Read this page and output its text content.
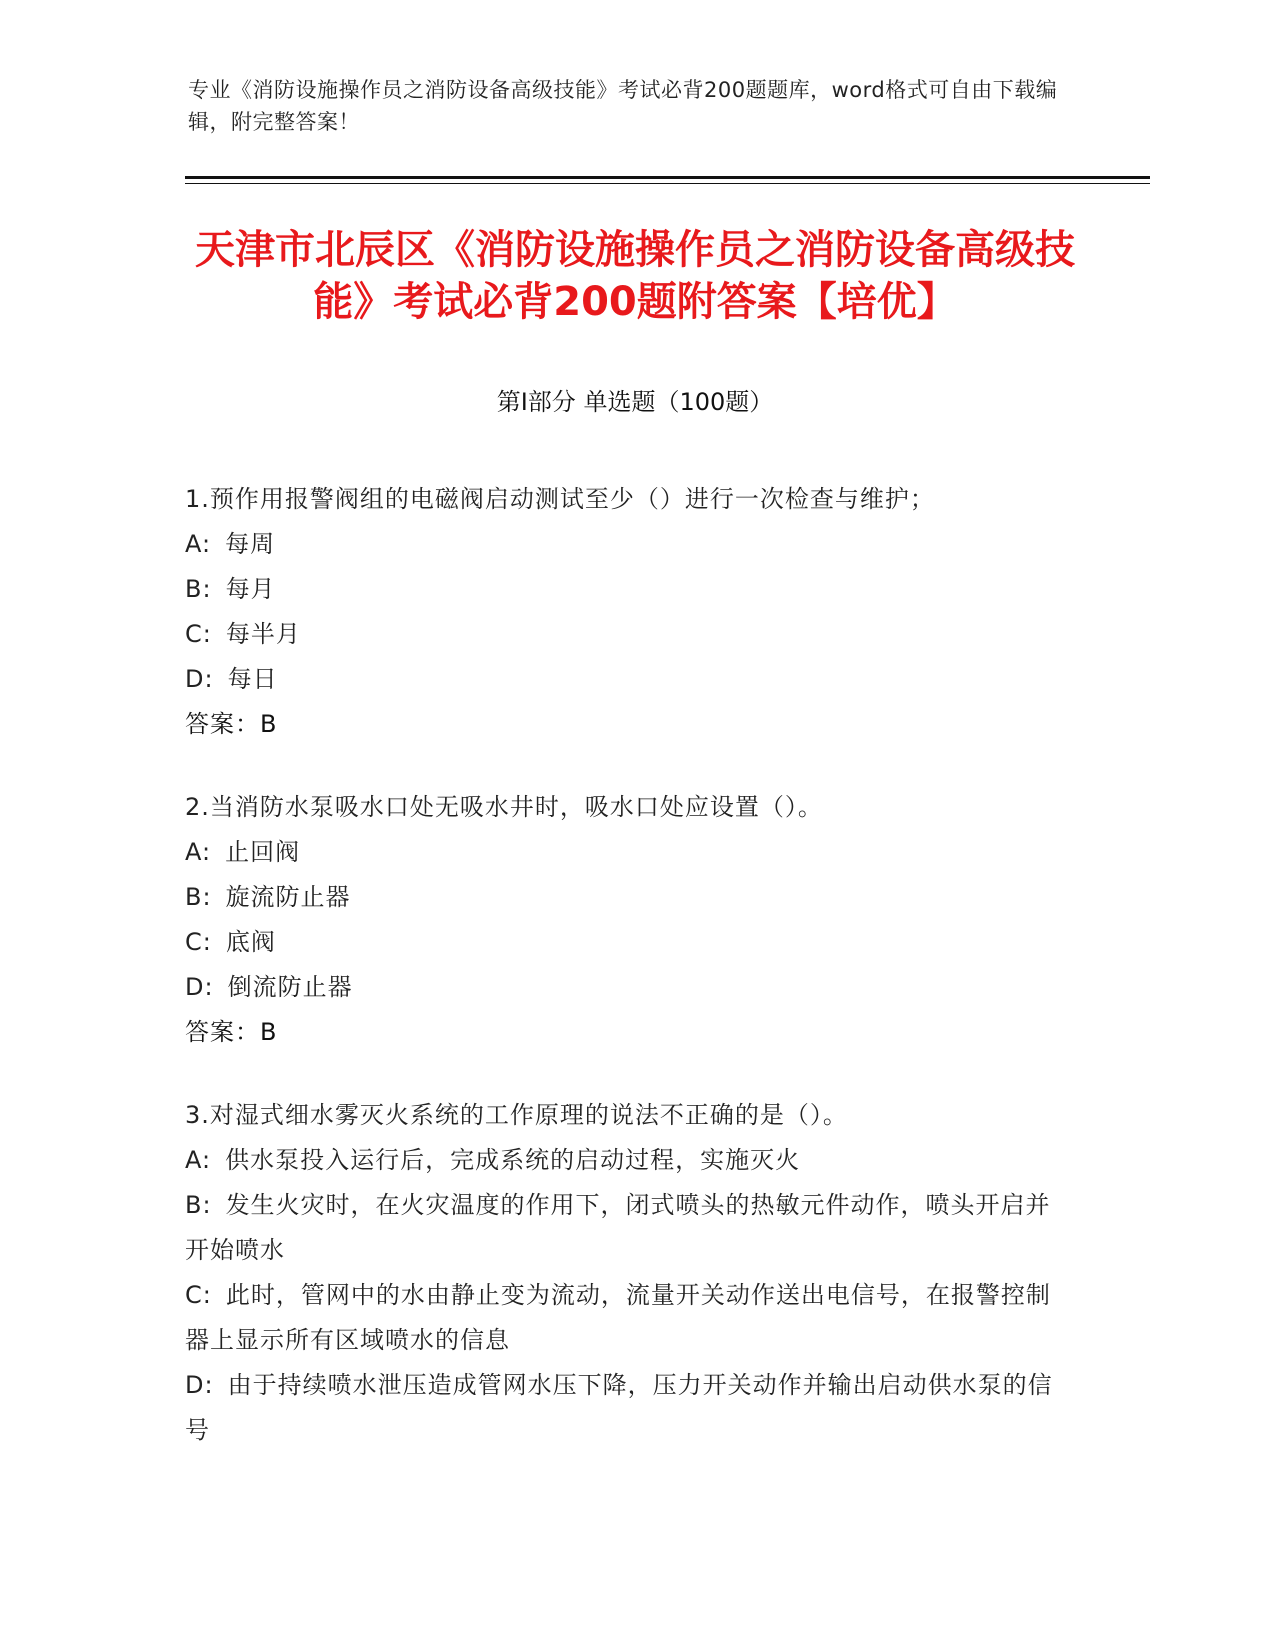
专业《消防设施操作员之消防设备高级技能》考试必背200题题库，word格式可自由下载编辑，附完整答案！
天津市北辰区《消防设施操作员之消防设备高级技能》考试必背200题附答案【培优】
第I部分 单选题（100题）
1.预作用报警阀组的电磁阀启动测试至少（）进行一次检查与维护；
A: 每周
B: 每月
C: 每半月
D: 每日
答案：B
2.当消防水泵吸水口处无吸水井时，吸水口处应设置（）。
A: 止回阀
B: 旋流防止器
C: 底阀
D: 倒流防止器
答案：B
3.对湿式细水雾灭火系统的工作原理的说法不正确的是（）。
A: 供水泵投入运行后，完成系统的启动过程，实施灭火
B: 发生火灾时，在火灾温度的作用下，闭式喷头的热敏元件动作，喷头开启并开始喷水
C: 此时，管网中的水由静止变为流动，流量开关动作送出电信号，在报警控制器上显示所有区域喷水的信息
D: 由于持续喷水泄压造成管网水压下降，压力开关动作并输出启动供水泵的信号
